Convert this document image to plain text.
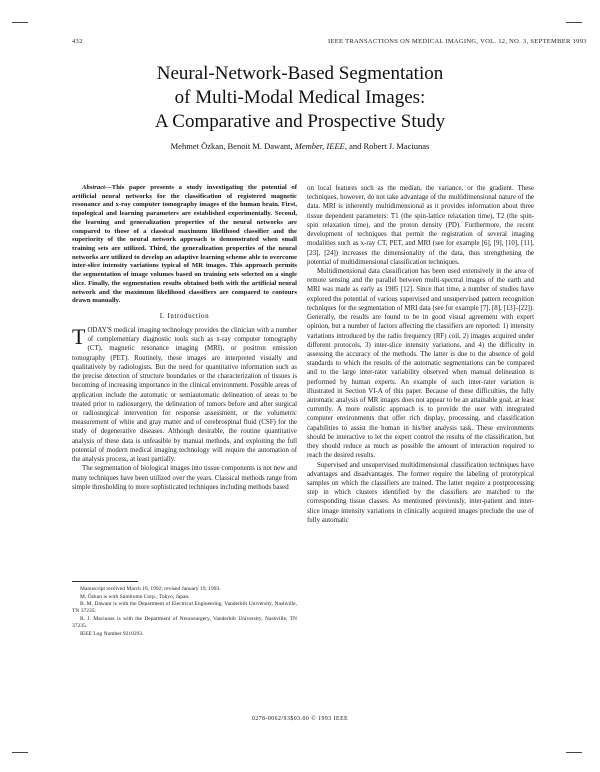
432	IEEE TRANSACTIONS ON MEDICAL IMAGING, VOL. 12, NO. 3, SEPTEMBER 1993
Neural-Network-Based Segmentation
of Multi-Modal Medical Images:
A Comparative and Prospective Study
Mehmet Özkan, Benoit M. Dawant, Member, IEEE, and Robert J. Maciunas

Abstract—This paper presents a study investigating the potential of artificial neural networks for the classification of registered magnetic resonance and x-ray computer tomography images of the human brain. First, topological and learning parameters are established experimentally. Second, the learning and generalization properties of the neural networks are compared to those of a classical maximum likelihood classifier and the superiority of the neural network approach is demonstrated when small training sets are utilized. Third, the generalization properties of the neural networks are utilized to develop an adaptive learning scheme able to overcome inter-slice intensity variations typical of MR images. This approach permits the segmentation of image volumes based on training sets selected on a single slice. Finally, the segmentation results obtained both with the artificial neural network and the maximum likelihood classifiers are compared to contours drawn manually.

I. Introduction

TODAY'S medical imaging technology provides the clinician with a number of complementary diagnostic tools such as x-ray computer tomography (CT), magnetic resonance imaging (MRI), or positron emission tomography (PET). Routinely, these images are interpreted visually and qualitatively by radiologists. But the need for quantitative information such as the precise detection of structure boundaries or the characterization of tissues is becoming of increasing importance in the clinical environment. Possible areas of application include the automatic or semiautomatic delineation of areas to be treated prior to radiosurgery, the delineation of tumors before and after surgical or radiosurgical intervention for response assessment, or the volumetric measurement of white and gray matter and of cerebrospinal fluid (CSF) for the study of degenerative diseases. Although desirable, the routine quantitative analysis of these data is unfeasible by manual methods, and exploiting the full potential of modern medical imaging technology will require the automation of the analysis process, at least partially.

The segmentation of biological images into tissue components is not new and many techniques have been utilized over the years. Classical methods range from simple thresholding to more sophisticated techniques including methods based

Manuscript received March 16, 1992; revised January 19, 1993.

M. Özkan is with Sumitomo Corp., Tokyo, Japan.

B. M. Dawant is with the Department of Electrical Engineering, Vanderbilt University, Nashville, TN 37235.

R. J. Maciunas is with the Department of Neurosurgery, Vanderbilt University, Nashville, TN 37235.

IEEE Log Number 9210293.

on local features such as the median, the variance, or the gradient. These techniques, however, do not take advantage of the multidimensional nature of the data. MRI is inherently multidimensional as it provides information about three tissue dependent parameters: T1 (the spin-lattice relaxation time), T2 (the spin-spin relaxation time), and the proton density (PD). Furthermore, the recent development of techniques that permit the registration of several imaging modalities such as x-ray CT, PET, and MRI (see for example [6], [9], [10], [11], [23], [24]) increases the dimensionality of the data, thus strengthening the potential of multidimensional classification techniques.

Multidimensional data classification has been used extensively in the area of remote sensing and the parallel between multi-spectral images of the earth and MRI was made as early as 1985 [12]. Since that time, a number of studies have explored the potential of various supervised and unsupervised pattern recognition techniques for the segmentation of MRI data (see for example [7], [8], [13]–[22]). Generally, the results are found to be in good visual agreement with expert opinion, but a number of factors affecting the classifiers are reported: 1) intensity variations introduced by the radio frequency (RF) coil, 2) images acquired under different protocols, 3) inter-slice intensity variations, and 4) the difficulty in assessing the accuracy of the methods. The latter is due to the absence of gold standards to which the results of the automatic segmentations can be compared and to the large inter-rater variability observed when manual delineation is performed by human experts. An example of such inter-rater variation is illustrated in Section VI-A of this paper. Because of these difficulties, the fully automatic analysis of MR images does not appear to be an attainable goal, at least currently. A more realistic approach is to provide the user with integrated computer environments that offer rich display, processing, and classification capabilities to assist the human in his/her analysis task. These environments should be interactive to let the expert control the results of the classification, but they should reduce as much as possible the amount of interaction required to reach the desired results.

Supervised and unsupervised multidimensional classification techniques have advantages and disadvantages. The former require the labeling of prototypical samples on which the classifiers are trained. The latter require a postprocessing step in which clusters identified by the classifiers are matched to the corresponding tissue classes. As mentioned previously, inter-patient and inter-slice image intensity variations in clinically acquired images preclude the use of fully automatic

0278-0062/93$03.00 © 1993 IEEE
